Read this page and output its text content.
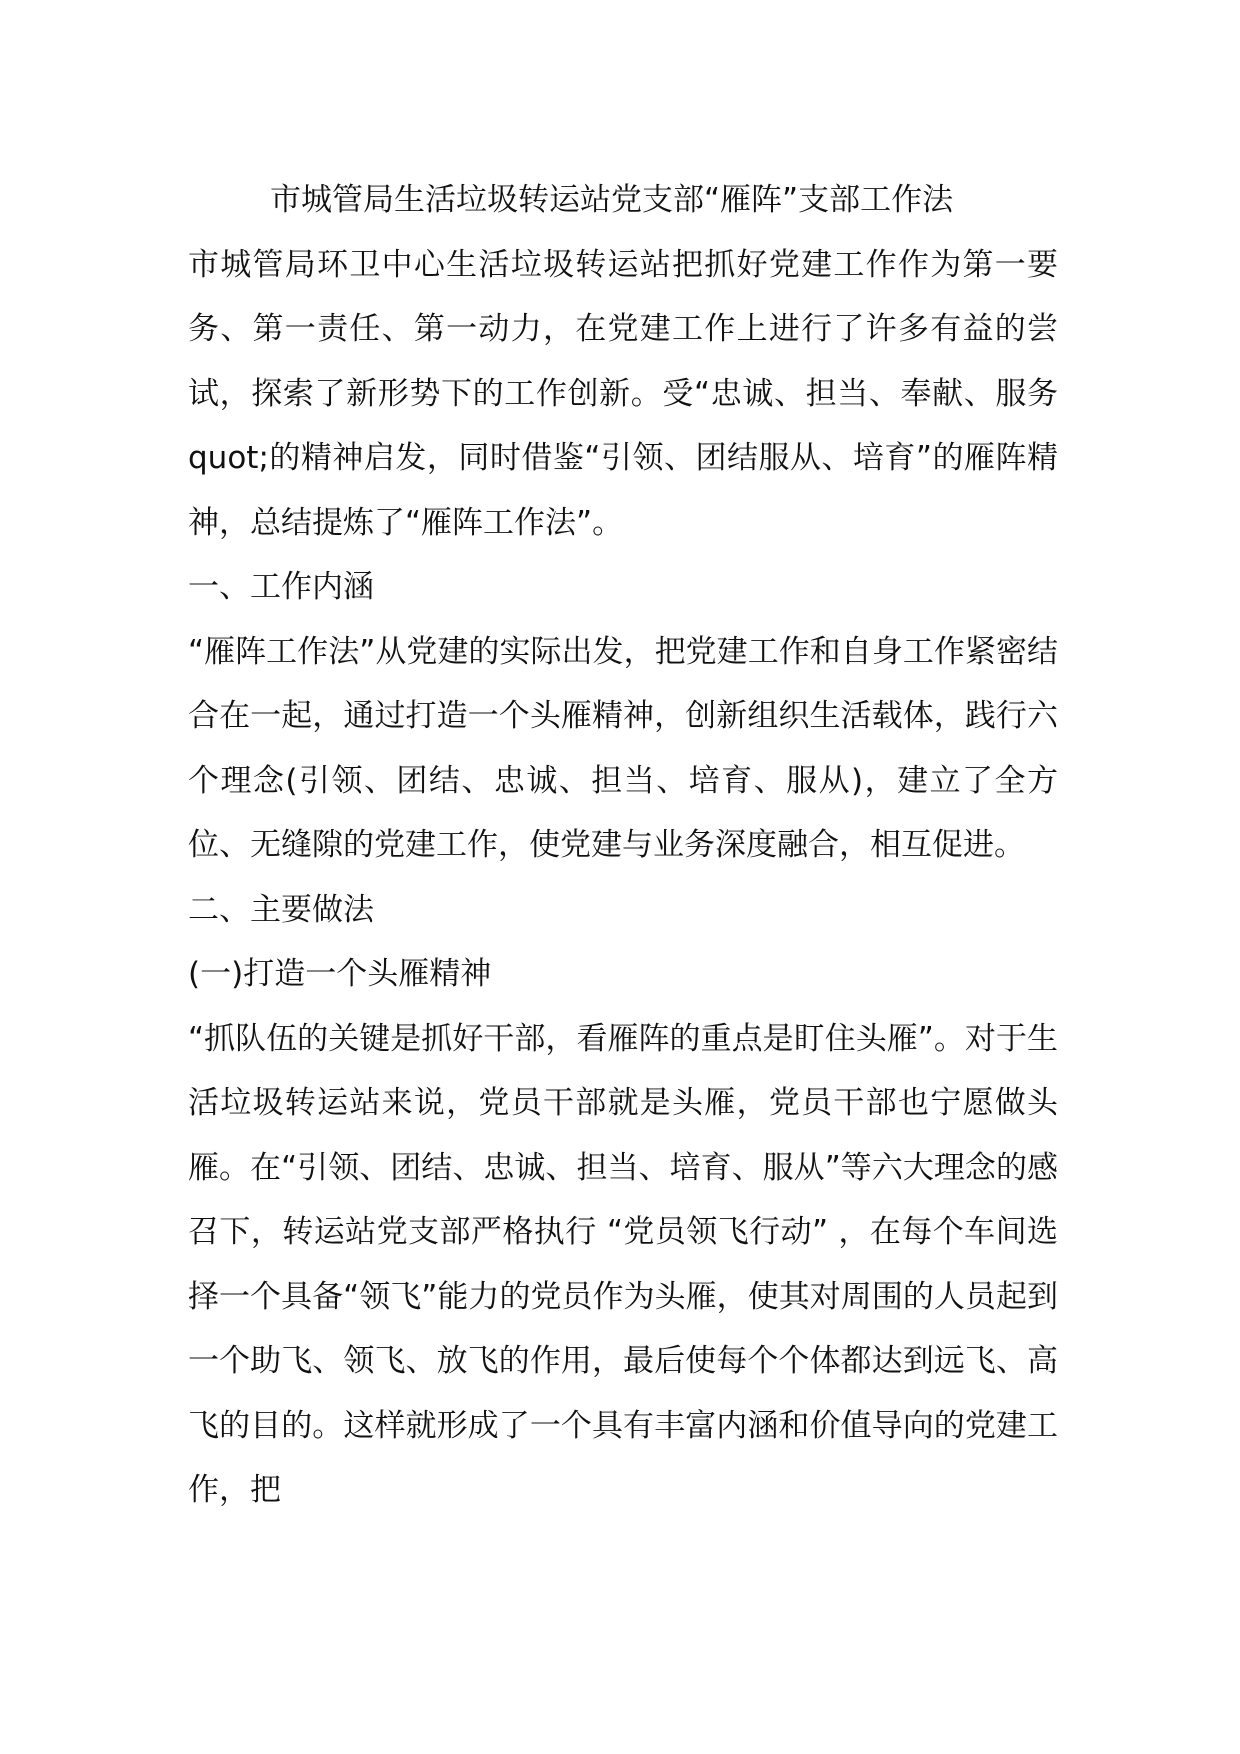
市城管局生活垃圾转运站党支部“雁阵”支部工作法

市城管局环卫中心生活垃圾转运站把抓好党建工作作为第一要务、第一责任、第一动力，在党建工作上进行了许多有益的尝试，探索了新形势下的工作创新。受“忠诚、担当、奉献、服务 quot;的精神启发，同时借鉴“引领、团结服从、培育”的雁阵精神，总结提炼了“雁阵工作法”。

一、工作内涵

“雁阵工作法”从党建的实际出发，把党建工作和自身工作紧密结合在一起，通过打造一个头雁精神，创新组织生活载体，践行六个理念(引领、团结、忠诚、担当、培育、服从)，建立了全方位、无缝隙的党建工作，使党建与业务深度融合，相互促进。

二、主要做法

(一)打造一个头雁精神

“抓队伍的关键是抓好干部，看雁阵的重点是盯住头雁”。对于生活垃圾转运站来说，党员干部就是头雁，党员干部也宁愿做头雁。在“引领、团结、忠诚、担当、培育、服从”等六大理念的感召下，转运站党支部严格执行 “党员领飞行动” ，在每个车间选择一个具备“领飞”能力的党员作为头雁，使其对周围的人员起到一个助飞、领飞、放飞的作用，最后使每个个体都达到远飞、高飞的目的。这样就形成了一个具有丰富内涵和价值导向的党建工作，把
